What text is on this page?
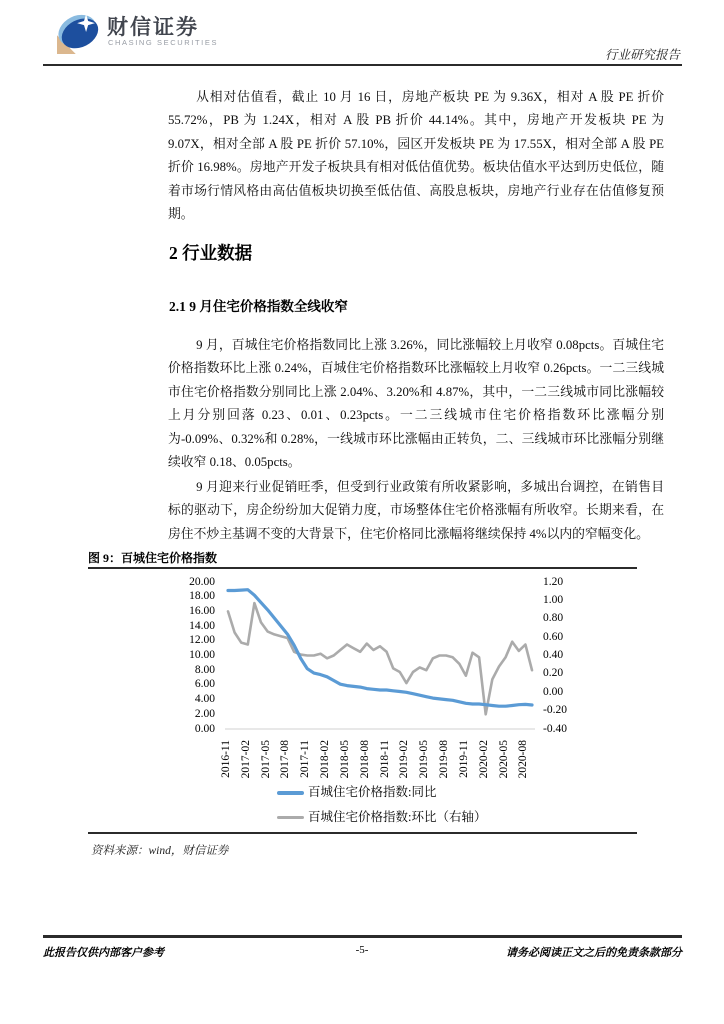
财信证券
CHASING SECURITIES
行业研究报告
从相对估值看，截止 10 月 16 日，房地产板块 PE 为 9.36X，相对 A 股 PE 折价 55.72%，PB 为 1.24X，相对 A 股 PB 折价 44.14%。其中，房地产开发板块 PE 为 9.07X，相对全部 A 股 PE 折价 57.10%，园区开发板块 PE 为 17.55X，相对全部 A 股 PE 折价 16.98%。房地产开发子板块具有相对低估值优势。板块估值水平达到历史低位，随着市场行情风格由高估值板块切换至低估值、高股息板块，房地产行业存在估值修复预期。
2 行业数据
2.1 9 月住宅价格指数全线收窄
9 月，百城住宅价格指数同比上涨 3.26%，同比涨幅较上月收窄 0.08pcts。百城住宅价格指数环比上涨 0.24%，百城住宅价格指数环比涨幅较上月收窄 0.26pcts。一二三线城市住宅价格指数分别同比上涨 2.04%、3.20%和 4.87%，其中，一二三线城市同比涨幅较上月分别回落 0.23、0.01、0.23pcts。一二三线城市住宅价格指数环比涨幅分别为-0.09%、0.32%和 0.28%，一线城市环比涨幅由正转负，二、三线城市环比涨幅分别继续收窄 0.18、0.05pcts。
9 月迎来行业促销旺季，但受到行业政策有所收紧影响，多城出台调控，在销售目标的驱动下，房企纷纷加大促销力度，市场整体住宅价格涨幅有所收窄。长期来看，在房住不炒主基调不变的大背景下，住宅价格同比涨幅将继续保持 4%以内的窄幅变化。
图 9：百城住宅价格指数
20.00
18.00
16.00
14.00
12.00
10.00
8.00
6.00
4.00
2.00
0.00
1.20
1.00
0.80
0.60
0.40
0.20
0.00
-0.20
-0.40
2016-11 2017-02 2017-05 2017-08 2017-11 2018-02 2018-05 2018-08 2018-11 2019-02 2019-05 2019-08 2019-11 2020-02 2020-05 2020-08
百城住宅价格指数:同比
百城住宅价格指数:环比（右轴）
资料来源：wind，财信证券
此报告仅供内部客户参考	-5-	请务必阅读正文之后的免责条款部分
